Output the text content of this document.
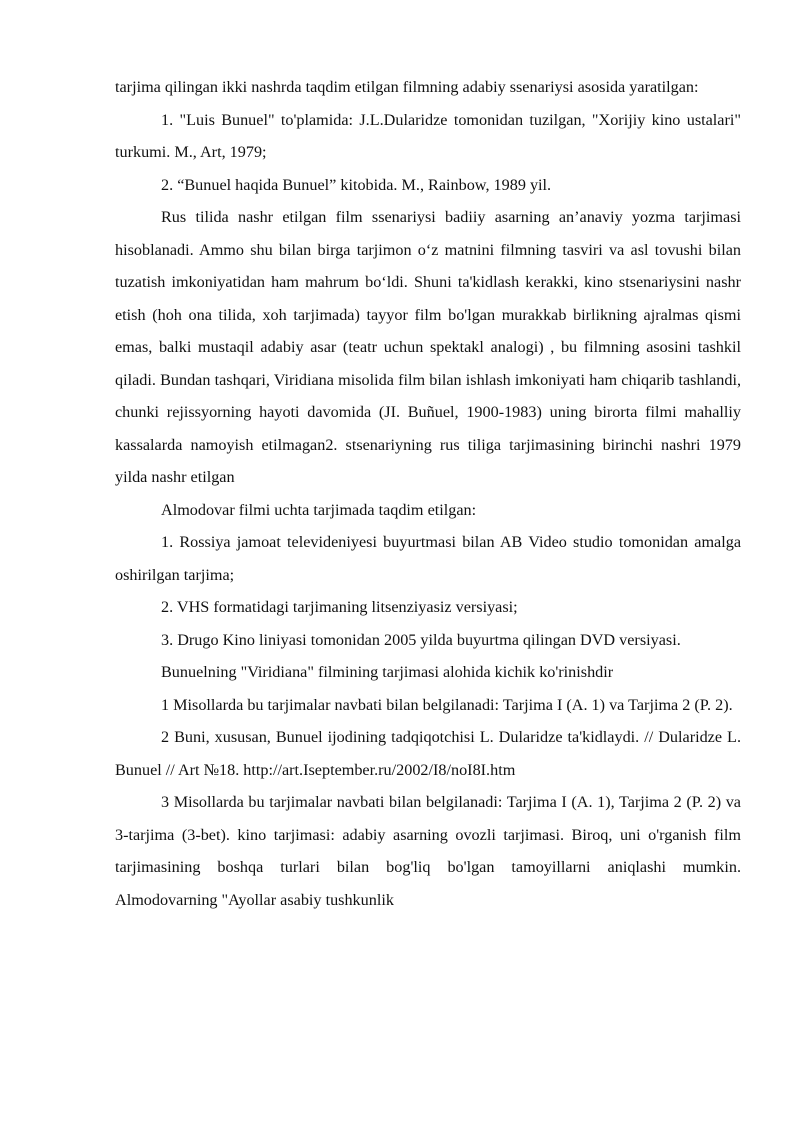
tarjima qilingan ikki nashrda taqdim etilgan filmning adabiy ssenariysi asosida yaratilgan:

1. "Luis Bunuel" to'plamida: J.L.Dularidze tomonidan tuzilgan, "Xorijiy kino ustalari" turkumi. M., Art, 1979;

2. “Bunuel haqida Bunuel” kitobida. M., Rainbow, 1989 yil.

Rus tilida nashr etilgan film ssenariysi badiiy asarning an’anaviy yozma tarjimasi hisoblanadi. Ammo shu bilan birga tarjimon o‘z matnini filmning tasviri va asl tovushi bilan tuzatish imkoniyatidan ham mahrum bo‘ldi. Shuni ta'kidlash kerakki, kino stsenariysini nashr etish (hoh ona tilida, xoh tarjimada) tayyor film bo'lgan murakkab birlikning ajralmas qismi emas, balki mustaqil adabiy asar (teatr uchun spektakl analogi) , bu filmning asosini tashkil qiladi. Bundan tashqari, Viridiana misolida film bilan ishlash imkoniyati ham chiqarib tashlandi, chunki rejissyorning hayoti davomida (JI. Buñuel, 1900-1983) uning birorta filmi mahalliy kassalarda namoyish etilmagan2. stsenariyning rus tiliga tarjimasining birinchi nashri 1979 yilda nashr etilgan

Almodovar filmi uchta tarjimada taqdim etilgan:

1. Rossiya jamoat televideniyesi buyurtmasi bilan AB Video studio tomonidan amalga oshirilgan tarjima;

2. VHS formatidagi tarjimaning litsenziyasiz versiyasi;

3. Drugo Kino liniyasi tomonidan 2005 yilda buyurtma qilingan DVD versiyasi.

Bunuelning "Viridiana" filmining tarjimasi alohida kichik ko'rinishdir

1 Misollarda bu tarjimalar navbati bilan belgilanadi: Tarjima I (A. 1) va Tarjima 2 (P. 2).

2 Buni, xususan, Bunuel ijodining tadqiqotchisi L. Dularidze ta'kidlaydi. // Dularidze L. Bunuel // Art №18. http://art.Iseptember.ru/2002/I8/noI8I.htm

3 Misollarda bu tarjimalar navbati bilan belgilanadi: Tarjima I (A. 1), Tarjima 2 (P. 2) va 3-tarjima (3-bet). kino tarjimasi: adabiy asarning ovozli tarjimasi. Biroq, uni o'rganish film tarjimasining boshqa turlari bilan bog'liq bo'lgan tamoyillarni aniqlashi mumkin. Almodovarning "Ayollar asabiy tushkunlik
